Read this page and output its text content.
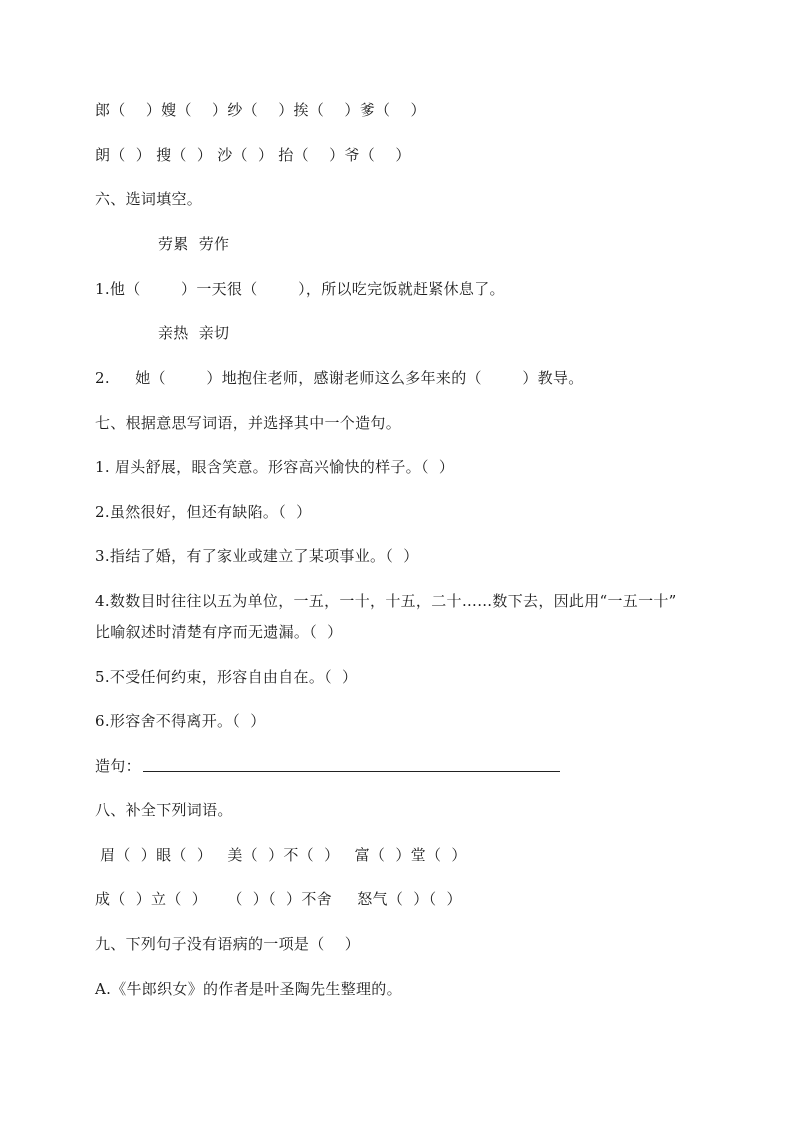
郎（    ）嫂（    ）纱（    ）挨（    ）爹（    ）
朗（  ） 搜（  ） 沙（  ） 抬（    ）爷（    ）
六、选词填空。
劳累  劳作
1.他（        ）一天很（        ），所以吃完饭就赶紧休息了。
亲热  亲切
2.     她（        ）地抱住老师，感谢老师这么多年来的（        ）教导。
七、根据意思写词语，并选择其中一个造句。
1. 眉头舒展，眼含笑意。形容高兴愉快的样子。（  ）
2.虽然很好，但还有缺陷。（  ）
3.指结了婚，有了家业或建立了某项事业。（  ）
4.数数目时往往以五为单位，一五，一十，十五，二十……数下去，因此用“一五一十”
比喻叙述时清楚有序而无遗漏。（  ）
5.不受任何约束，形容自由自在。（  ）
6.形容舍不得离开。（  ）
造句：
八、补全下列词语。
眉（  ）眼（  ）   美（  ）不（  ）   富（  ）堂（  ）
成（  ）立（  ）    （  ）（  ）不舍     怒气（  ）（  ）
九、下列句子没有语病的一项是（    ）
A.《牛郎织女》的作者是叶圣陶先生整理的。
